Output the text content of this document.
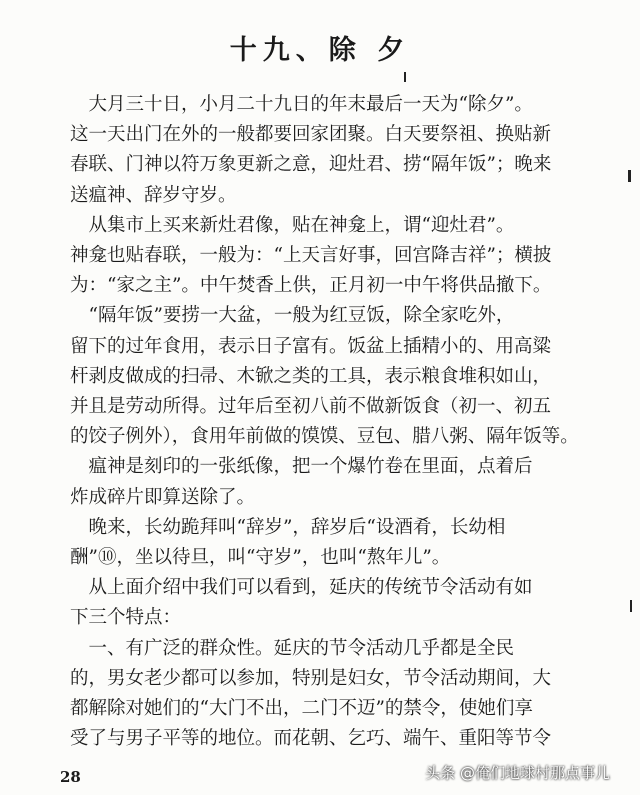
十九、除 夕
　大月三十日，小月二十九日的年末最后一天为“除夕”。
这一天出门在外的一般都要回家团聚。白天要祭祖、换贴新
春联、门神以符万象更新之意，迎灶君、捞“隔年饭”；晚来
送瘟神、辞岁守岁。
　从集市上买来新灶君像，贴在神龛上，谓“迎灶君”。
神龛也贴春联，一般为：“上天言好事，回宫降吉祥”；横披
为：“家之主”。中午焚香上供，正月初一中午将供品撤下。
　“隔年饭”要捞一大盆，一般为红豆饭，除全家吃外，
留下的过年食用，表示日子富有。饭盆上插精小的、用高粱
杆剥皮做成的扫帚、木锨之类的工具，表示粮食堆积如山，
并且是劳动所得。过年后至初八前不做新饭食（初一、初五
的饺子例外），食用年前做的馍馍、豆包、腊八粥、隔年饭等。
　瘟神是刻印的一张纸像，把一个爆竹卷在里面，点着后
炸成碎片即算送除了。
　晚来，长幼跪拜叫“辞岁”，辞岁后“设酒肴，长幼相
酬”⑩，坐以待旦，叫“守岁”，也叫“熬年儿”。
　从上面介绍中我们可以看到，延庆的传统节令活动有如
下三个特点：
　一、有广泛的群众性。延庆的节令活动几乎都是全民
的，男女老少都可以参加，特别是妇女，节令活动期间，大
都解除对她们的“大门不出，二门不迈”的禁令，使她们享
受了与男子平等的地位。而花朝、乞巧、端午、重阳等节令
28	头条 @俺们地球村那点事儿
